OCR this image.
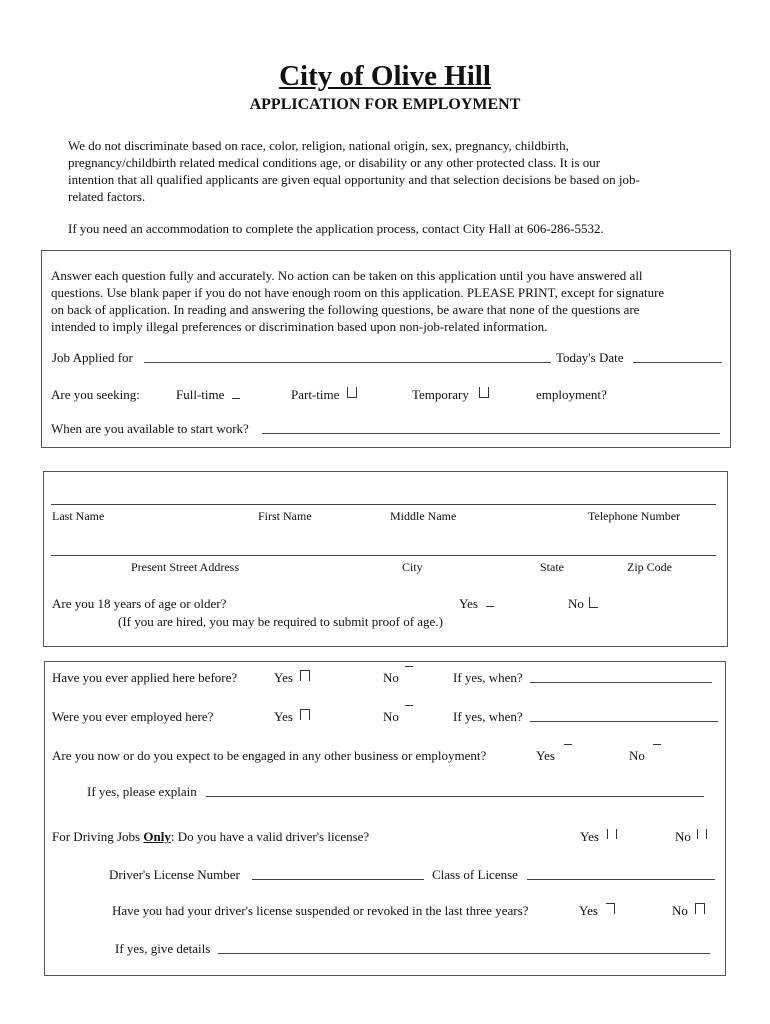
City of Olive Hill
APPLICATION FOR EMPLOYMENT
We do not discriminate based on race, color, religion, national origin, sex, pregnancy, childbirth,
pregnancy/childbirth related medical conditions age, or disability or any other protected class. It is our
intention that all qualified applicants are given equal opportunity and that selection decisions be based on job-
related factors.
If you need an accommodation to complete the application process, contact City Hall at 606-286-5532.
Answer each question fully and accurately. No action can be taken on this application until you have answered all
questions. Use blank paper if you do not have enough room on this application. PLEASE PRINT, except for signature
on back of application. In reading and answering the following questions, be aware that none of the questions are
intended to imply illegal preferences or discrimination based upon non-job-related information.
Job Applied for	Today's Date
Are you seeking:	Full-time	Part-time	Temporary	employment?
When are you available to start work?
Last Name	First Name	Middle Name	Telephone Number
Present Street Address	City	State	Zip Code
Are you 18 years of age or older?	Yes	No
(If you are hired, you may be required to submit proof of age.)
Have you ever applied here before?	Yes	No	If yes, when?
Were you ever employed here?	Yes	No	If yes, when?
Are you now or do you expect to be engaged in any other business or employment?	Yes	No
If yes, please explain
For Driving Jobs Only: Do you have a valid driver's license?	Yes	No
Driver's License Number	Class of License
Have you had your driver's license suspended or revoked in the last three years?	Yes	No
If yes, give details
